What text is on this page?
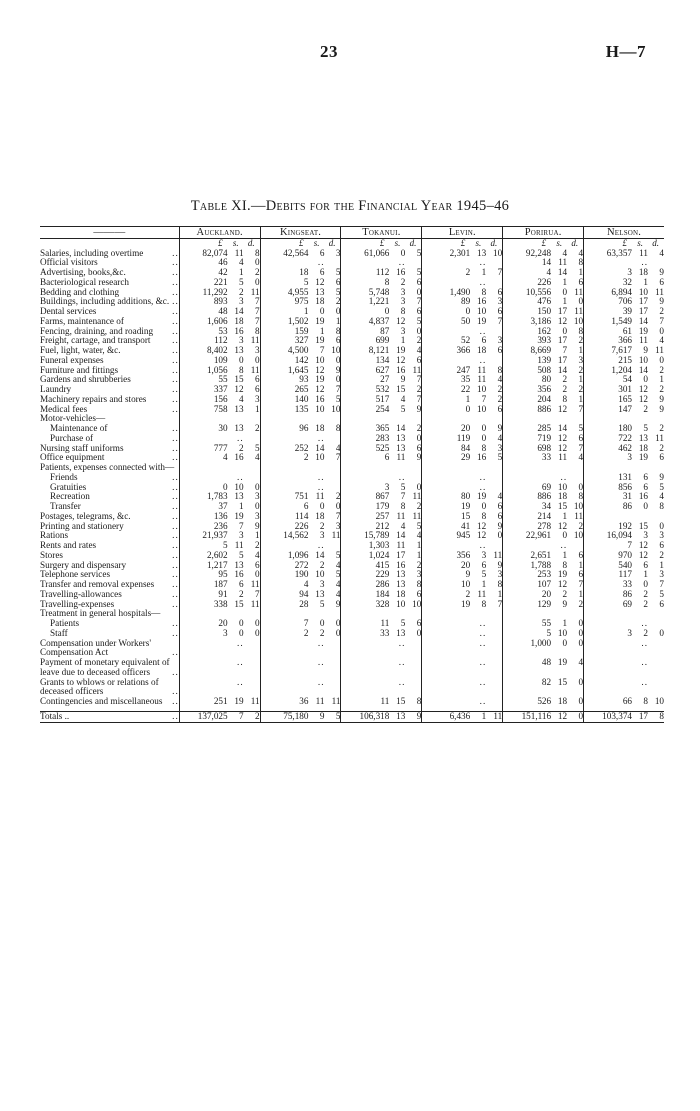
23	H—7
Table XI.—Debits for the Financial Year 1945–46
———	Auckland.	Kingseat.	Tokanui.	Levin.	Porirua.	Nelson.
	£ s. d.	£ s. d.	£ s. d.	£ s. d.	£ s. d.	£ s. d.
Salaries, including overtime ..	82,074 11 8	42,564 6 3	61,066 0 5	2,301 13 10	92,248 4 4	63,357 11 4
Official visitors ..	46 4 0	..	..	..	14 11 8	..
Advertising, books,&c. ..	42 1 2	18 6 5	112 16 5	2 1 7	4 14 1	3 18 9
Bacteriological research ..	221 5 0	5 12 6	8 2 6	..	226 1 6	32 1 6
Bedding and clothing ..	11,292 2 11	4,955 13 5	5,748 3 0	1,490 8 6	10,556 0 11	6,894 10 11
Buildings, including additions, &c. ..	893 3 7	975 18 2	1,221 3 7	89 16 3	476 1 0	706 17 9
Dental services ..	48 14 7	1 0 0	0 8 6	0 10 6	150 17 11	39 17 2
Farms, maintenance of ..	1,606 18 7	1,502 19 1	4,837 12 5	50 19 7	3,186 12 10	1,549 14 7
Fencing, draining, and roading ..	53 16 8	159 1 8	87 3 0	..	162 0 8	61 19 0
Freight, cartage, and transport ..	112 3 11	327 19 6	699 1 2	52 6 3	393 17 2	366 11 4
Fuel, light, water, &c. ..	8,402 13 3	4,500 7 10	8,121 19 4	366 18 6	8,669 7 1	7,617 9 11
Funeral expenses ..	109 0 0	142 10 0	134 12 6	..	139 17 3	215 10 0
Furniture and fittings ..	1,056 8 11	1,645 12 9	627 16 11	247 11 8	508 14 2	1,204 14 2
Gardens and shrubberies ..	55 15 6	93 19 0	27 9 7	35 11 4	80 2 1	54 0 1
Laundry ..	337 12 6	265 12 7	532 15 2	22 10 2	356 2 2	301 12 2
Machinery repairs and stores ..	156 4 3	140 16 5	517 4 7	1 7 2	204 8 1	165 12 9
Medical fees ..	758 13 1	135 10 10	254 5 9	0 10 6	886 12 7	147 2 9
Motor-vehicles—						
Maintenance of ..	30 13 2	96 18 8	365 14 2	20 0 9	285 14 5	180 5 2
Purchase of ..	..	..	283 13 0	119 0 4	719 12 6	722 13 11
Nursing staff uniforms ..	777 2 5	252 14 4	525 13 6	84 8 3	698 12 7	462 18 2
Office equipment ..	4 16 4	2 10 7	6 11 9	29 16 5	33 11 4	3 19 6
Patients, expenses connected with—						
Friends ..	..	..	..	..	..	131 6 9
Gratuities ..	0 10 0	..	3 5 0	..	69 10 0	856 6 5
Recreation ..	1,783 13 3	751 11 2	867 7 11	80 19 4	886 18 8	31 16 4
Transfer ..	37 1 0	6 0 0	179 8 2	19 0 6	34 15 10	86 0 8
Postages, telegrams, &c. ..	136 19 3	114 18 7	257 11 11	15 8 6	214 1 11	
Printing and stationery ..	236 7 9	226 2 3	212 4 5	41 12 9	278 12 2	192 15 0
Rations ..	21,937 3 1	14,562 3 11	15,789 14 4	945 12 0	22,961 0 10	16,094 3 3
Rents and rates ..	5 11 2	..	1,303 11 1	..	..	7 12 6
Stores ..	2,602 5 4	1,096 14 5	1,024 17 1	356 3 11	2,651 1 6	970 12 2
Surgery and dispensary ..	1,217 13 6	272 2 4	415 16 2	20 6 9	1,788 8 1	540 6 1
Telephone services ..	95 16 0	190 10 5	229 13 3	9 5 3	253 19 6	117 1 3
Transfer and removal expenses ..	187 6 11	4 3 4	286 13 8	10 1 8	107 12 7	33 0 7
Travelling-allowances ..	91 2 7	94 13 4	184 18 6	2 11 1	20 2 1	86 2 5
Travelling-expenses ..	338 15 11	28 5 9	328 10 10	19 8 7	129 9 2	69 2 6
Treatment in general hospitals—						
Patients ..	20 0 0	7 0 0	11 5 6	..	55 1 0	..
Staff ..	3 0 0	2 2 0	33 13 0	..	5 10 0	3 2 0
Compensation under Workers' Compensation Act ..	..	..	..	..	1,000 0 0	..
Payment of monetary equivalent of leave due to deceased officers ..	..	..	..	..	48 19 4	..
Grants to wblows or relations of deceased officers ..	..	..	..	..	82 15 0	..
Contingencies and miscellaneous ..	251 19 11	36 11 11	11 15 8	..	526 18 0	66 8 10

Totals .. ..	137,025 7 2	75,180 9 5	106,318 13 9	6,436 1 11	151,116 12 0	103,374 17 8
